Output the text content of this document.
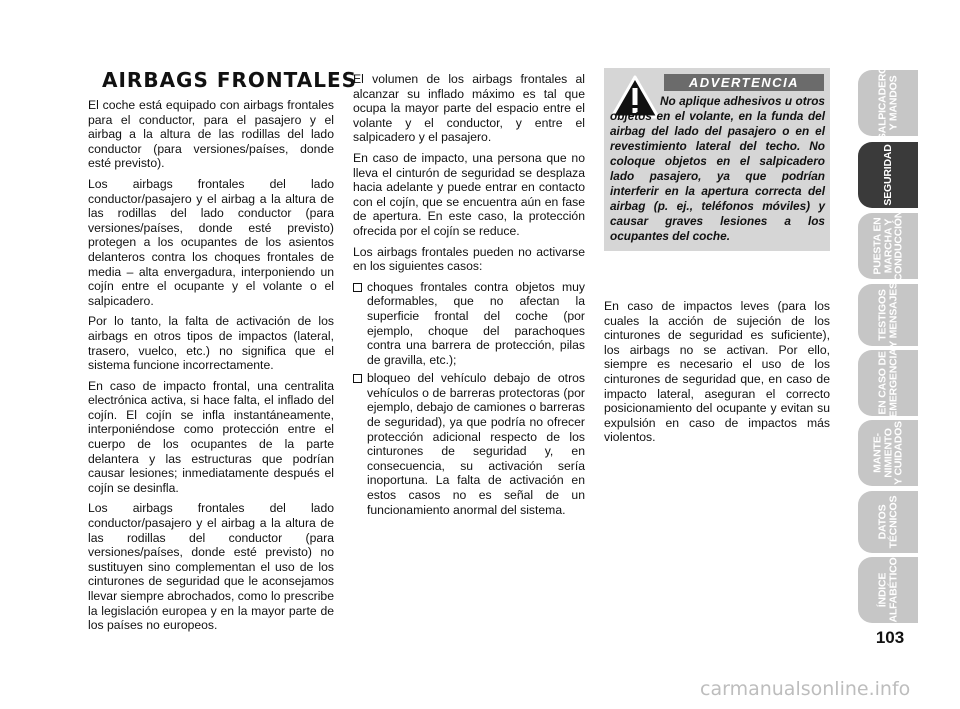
AIRBAGS FRONTALES

El coche está equipado con airbags frontales para el conductor, para el pasajero y el airbag a la altura de las rodillas del lado conductor (para versiones/países, donde esté previsto).

Los airbags frontales del lado conductor/pasajero y el airbag a la altura de las rodillas del lado conductor (para versiones/países, donde esté previsto) protegen a los ocupantes de los asientos delanteros contra los choques frontales de media – alta envergadura, interponiendo un cojín entre el ocupante y el volante o el salpicadero.

Por lo tanto, la falta de activación de los airbags en otros tipos de impactos (lateral, trasero, vuelco, etc.) no significa que el sistema funcione incorrectamente.

En caso de impacto frontal, una centralita electrónica activa, si hace falta, el inflado del cojín. El cojín se infla instantáneamente, interponiéndose como protección entre el cuerpo de los ocupantes de la parte delantera y las estructuras que podrían causar lesiones; inmediatamente después el cojín se desinfla.

Los airbags frontales del lado conductor/pasajero y el airbag a la altura de las rodillas del conductor (para versiones/países, donde esté previsto) no sustituyen sino complementan el uso de los cinturones de seguridad que le aconsejamos llevar siempre abrochados, como lo prescribe la legislación europea y en la mayor parte de los países no europeos.

El volumen de los airbags frontales al alcanzar su inflado máximo es tal que ocupa la mayor parte del espacio entre el volante y el conductor, y entre el salpicadero y el pasajero.

En caso de impacto, una persona que no lleva el cinturón de seguridad se desplaza hacia adelante y puede entrar en contacto con el cojín, que se encuentra aún en fase de apertura. En este caso, la protección ofrecida por el cojín se reduce.

Los airbags frontales pueden no activarse en los siguientes casos:

choques frontales contra objetos muy deformables, que no afectan la superficie frontal del coche (por ejemplo, choque del parachoques contra una barrera de protección, pilas de gravilla, etc.);
bloqueo del vehículo debajo de otros vehículos o de barreras protectoras (por ejemplo, debajo de camiones o barreras de seguridad), ya que podría no ofrecer protección adicional respecto de los cinturones de seguridad y, en consecuencia, su activación sería inoportuna. La falta de activación en estos casos no es señal de un funcionamiento anormal del sistema.
ADVERTENCIA
No aplique adhesivos u otros objetos en el volante, en la funda del airbag del lado del pasajero o en el revestimiento lateral del techo. No coloque objetos en el salpicadero lado pasajero, ya que podrían interferir en la apertura correcta del airbag (p. ej., teléfonos móviles) y causar graves lesiones a los ocupantes del coche.

En caso de impactos leves (para los cuales la acción de sujeción de los cinturones de seguridad es suficiente), los airbags no se activan. Por ello, siempre es necesario el uso de los cinturones de seguridad que, en caso de impacto lateral, aseguran el correcto posicionamiento del ocupante y evitan su expulsión en caso de impactos más violentos.

SALPICADERO
Y MANDOS
SEGURIDAD
PUESTA EN
MARCHA Y
CONDUCCIÓN
TESTIGOS
Y MENSAJES
EN CASO DE
EMERGENCIA
MANTE-
NIMIENTO
Y CUIDADOS
DATOS
TÉCNICOS
ÍNDICE
ALFABÉTICO
103
carmanualsonline.info
